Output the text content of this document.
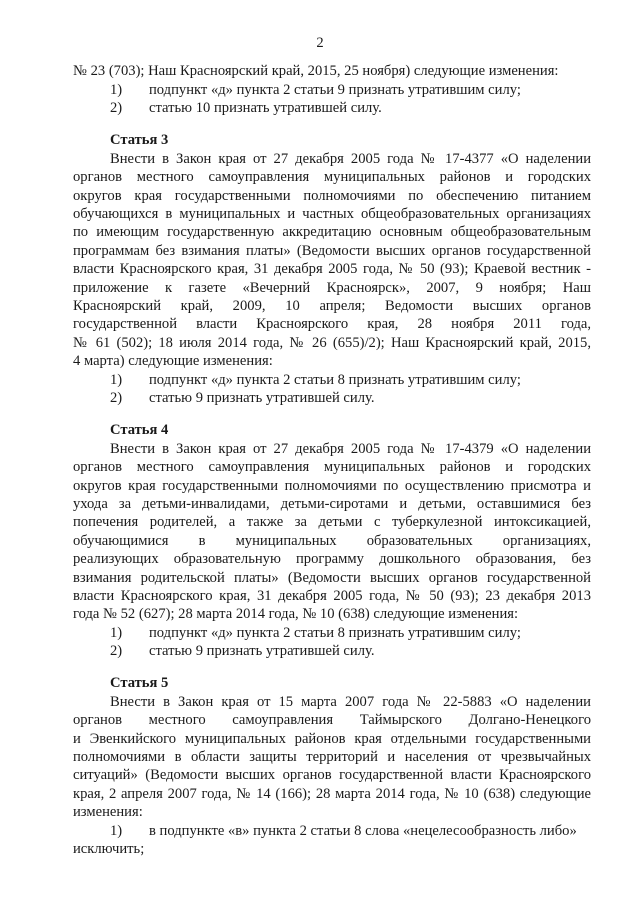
2
№ 23 (703); Наш Красноярский край, 2015, 25 ноября) следующие изменения:
1) подпункт «д» пункта 2 статьи 9 признать утратившим силу;
2) статью 10 признать утратившей силу.
Статья 3
Внести в Закон края от 27 декабря 2005 года № 17-4377 «О наделении
органов местного самоуправления муниципальных районов и городских
округов края государственными полномочиями по обеспечению питанием
обучающихся в муниципальных и частных общеобразовательных организациях
по имеющим государственную аккредитацию основным общеобразовательным
программам без взимания платы» (Ведомости высших органов государственной
власти Красноярского края, 31 декабря 2005 года, № 50 (93); Краевой вестник -
приложение к газете «Вечерний Красноярск», 2007, 9 ноября; Наш
Красноярский край, 2009, 10 апреля; Ведомости высших органов
государственной власти Красноярского края, 28 ноября 2011 года,
№ 61 (502); 18 июля 2014 года, № 26 (655)/2); Наш Красноярский край, 2015,
4 марта) следующие изменения:
1) подпункт «д» пункта 2 статьи 8 признать утратившим силу;
2) статью 9 признать утратившей силу.
Статья 4
Внести в Закон края от 27 декабря 2005 года № 17-4379 «О наделении
органов местного самоуправления муниципальных районов и городских
округов края государственными полномочиями по осуществлению присмотра и
ухода за детьми-инвалидами, детьми-сиротами и детьми, оставшимися без
попечения родителей, а также за детьми с туберкулезной интоксикацией,
обучающимися в муниципальных образовательных организациях,
реализующих образовательную программу дошкольного образования, без
взимания родительской платы» (Ведомости высших органов государственной
власти Красноярского края, 31 декабря 2005 года, № 50 (93); 23 декабря 2013
года № 52 (627); 28 марта 2014 года, № 10 (638) следующие изменения:
1) подпункт «д» пункта 2 статьи 8 признать утратившим силу;
2) статью 9 признать утратившей силу.
Статья 5
Внести в Закон края от 15 марта 2007 года № 22-5883 «О наделении
органов местного самоуправления Таймырского Долгано-Ненецкого
и Эвенкийского муниципальных районов края отдельными государственными
полномочиями в области защиты территорий и населения от чрезвычайных
ситуаций» (Ведомости высших органов государственной власти Красноярского
края, 2 апреля 2007 года, № 14 (166); 28 марта 2014 года, № 10 (638) следующие
изменения:
1) в подпункте «в» пункта 2 статьи 8 слова «нецелесообразность либо»
исключить;
